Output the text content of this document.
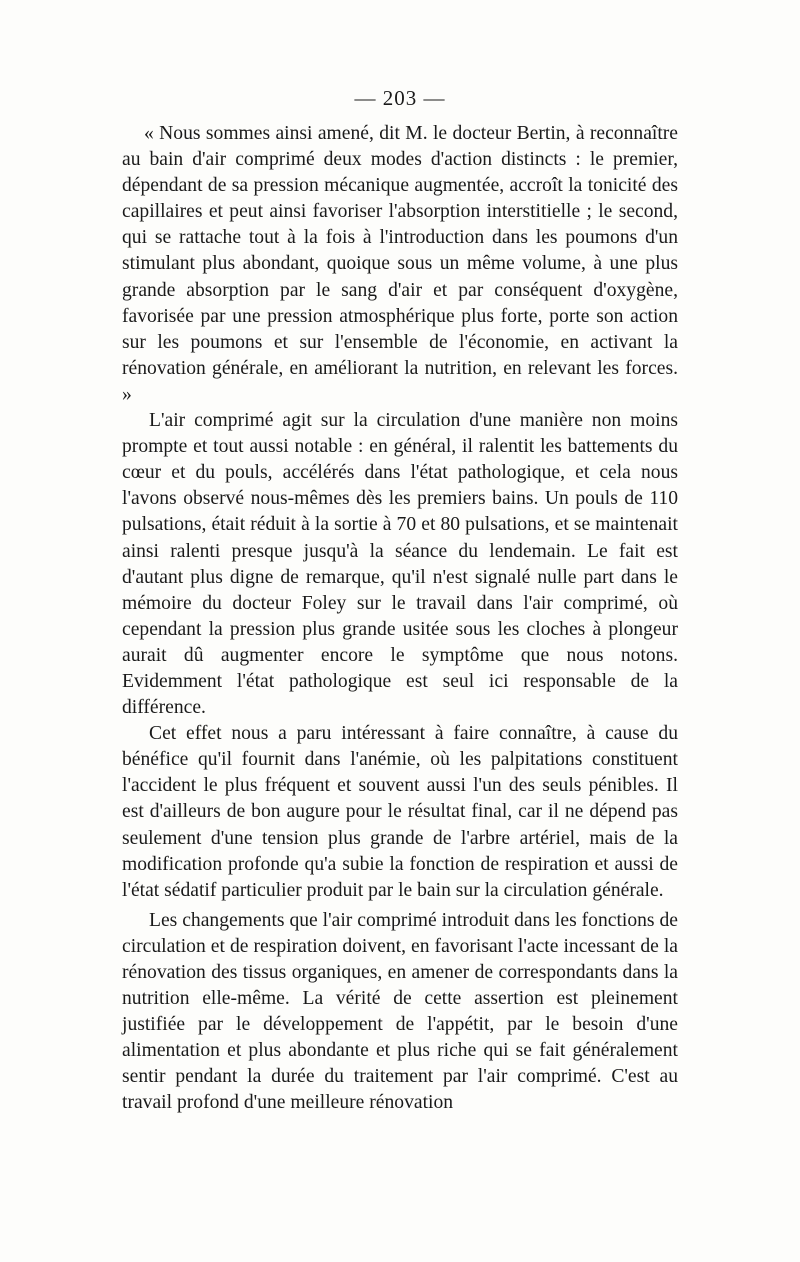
— 203 —

« Nous sommes ainsi amené, dit M. le docteur Bertin, à reconnaître au bain d'air comprimé deux modes d'action distincts : le premier, dépendant de sa pression mécanique augmentée, accroît la tonicité des capillaires et peut ainsi favoriser l'absorption interstitielle ; le second, qui se rattache tout à la fois à l'introduction dans les poumons d'un stimulant plus abondant, quoique sous un même volume, à une plus grande absorption par le sang d'air et par conséquent d'oxygène, favorisée par une pression atmosphérique plus forte, porte son action sur les poumons et sur l'ensemble de l'économie, en activant la rénovation générale, en améliorant la nutrition, en relevant les forces. »

L'air comprimé agit sur la circulation d'une manière non moins prompte et tout aussi notable : en général, il ralentit les battements du cœur et du pouls, accélérés dans l'état pathologique, et cela nous l'avons observé nous-mêmes dès les premiers bains. Un pouls de 110 pulsations, était réduit à la sortie à 70 et 80 pulsations, et se maintenait ainsi ralenti presque jusqu'à la séance du lendemain. Le fait est d'autant plus digne de remarque, qu'il n'est signalé nulle part dans le mémoire du docteur Foley sur le travail dans l'air comprimé, où cependant la pression plus grande usitée sous les cloches à plongeur aurait dû augmenter encore le symptôme que nous notons. Evidemment l'état pathologique est seul ici responsable de la différence.

Cet effet nous a paru intéressant à faire connaître, à cause du bénéfice qu'il fournit dans l'anémie, où les palpitations constituent l'accident le plus fréquent et souvent aussi l'un des seuls pénibles. Il est d'ailleurs de bon augure pour le résultat final, car il ne dépend pas seulement d'une tension plus grande de l'arbre artériel, mais de la modification profonde qu'a subie la fonction de respiration et aussi de l'état sédatif particulier produit par le bain sur la circulation générale.

Les changements que l'air comprimé introduit dans les fonctions de circulation et de respiration doivent, en favorisant l'acte incessant de la rénovation des tissus organiques, en amener de correspondants dans la nutrition elle-même. La vérité de cette assertion est pleinement justifiée par le développement de l'appétit, par le besoin d'une alimentation et plus abondante et plus riche qui se fait généralement sentir pendant la durée du traitement par l'air comprimé. C'est au travail profond d'une meilleure rénovation
